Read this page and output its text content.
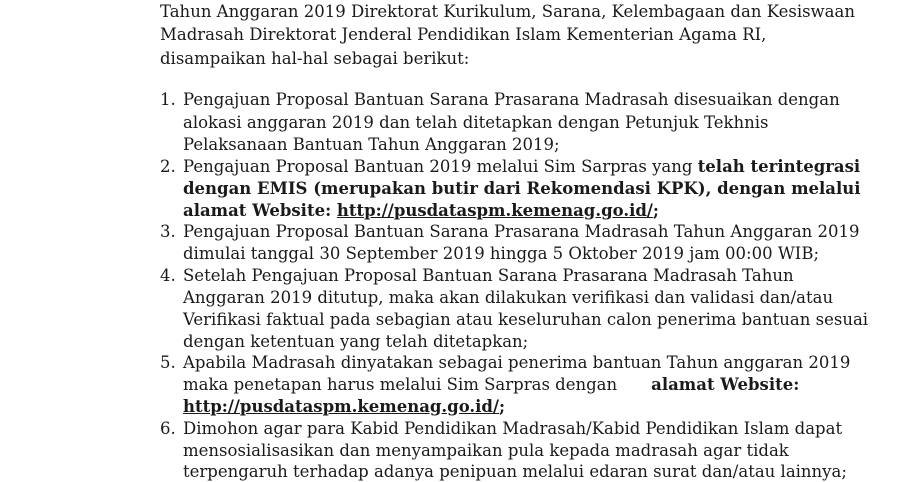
Tahun Anggaran 2019 Direktorat Kurikulum, Sarana, Kelembagaan dan Kesiswaan
Madrasah Direktorat Jenderal Pendidikan Islam Kementerian Agama RI,
disampaikan hal-hal sebagai berikut:
1. Pengajuan Proposal Bantuan Sarana Prasarana Madrasah disesuaikan dengan
alokasi anggaran 2019 dan telah ditetapkan dengan Petunjuk Tekhnis
Pelaksanaan Bantuan Tahun Anggaran 2019;
2. Pengajuan Proposal Bantuan 2019 melalui Sim Sarpras yang telah terintegrasi
dengan EMIS (merupakan butir dari Rekomendasi KPK), dengan melalui
alamat Website: http://pusdataspm.kemenag.go.id/;
3. Pengajuan Proposal Bantuan Sarana Prasarana Madrasah Tahun Anggaran 2019
dimulai tanggal 30 September 2019 hingga 5 Oktober 2019 jam 00:00 WIB;
4. Setelah Pengajuan Proposal Bantuan Sarana Prasarana Madrasah Tahun
Anggaran 2019 ditutup, maka akan dilakukan verifikasi dan validasi dan/atau
Verifikasi faktual pada sebagian atau keseluruhan calon penerima bantuan sesuai
dengan ketentuan yang telah ditetapkan;
5. Apabila Madrasah dinyatakan sebagai penerima bantuan Tahun anggaran 2019
maka penetapan harus melalui Sim Sarpras dengan alamat Website:
http://pusdataspm.kemenag.go.id/;
6. Dimohon agar para Kabid Pendidikan Madrasah/Kabid Pendidikan Islam dapat
mensosialisasikan dan menyampaikan pula kepada madrasah agar tidak
terpengaruh terhadap adanya penipuan melalui edaran surat dan/atau lainnya;
